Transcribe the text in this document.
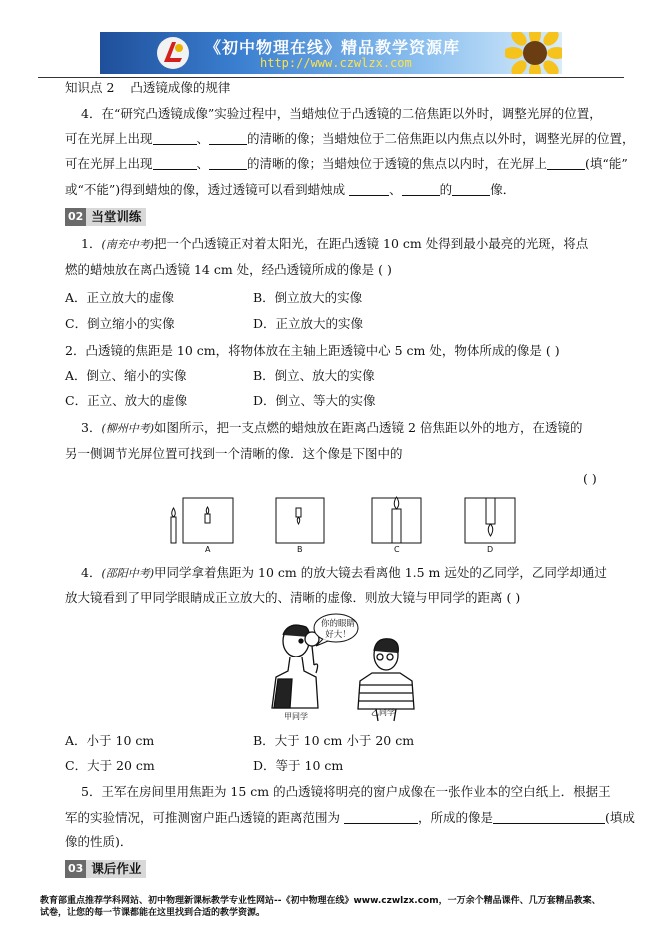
《初中物理在线》精品教学资源库
http://www.czwlzx.com
知识点 2 凸透镜成像的规律
4．在“研究凸透镜成像”实验过程中，当蜡烛位于凸透镜的二倍焦距以外时，调整光屏的位置，
可在光屏上出现	、	的清晰的像；当蜡烛位于二倍焦距以内焦点以外时，调整光屏的位置，
可在光屏上出现	、	的清晰的像；当蜡烛位于透镜的焦点以内时，在光屏上	(填“能”
或“不能”)得到蜡烛的像，透过透镜可以看到蜡烛成	、	的	像．
02 当堂训练
1．(南充中考)把一个凸透镜正对着太阳光，在距凸透镜 10 cm 处得到最小最亮的光斑，将点
燃的蜡烛放在离凸透镜 14 cm 处，经凸透镜所成的像是 ( )
A．正立放大的虚像	B．倒立放大的实像
C．倒立缩小的实像	D．正立放大的实像
2．凸透镜的焦距是 10 cm，将物体放在主轴上距透镜中心 5 cm 处，物体所成的像是 ( )
A．倒立、缩小的实像	B．倒立、放大的实像
C．正立、放大的虚像	D．倒立、等大的实像
3．(柳州中考)如图所示，把一支点燃的蜡烛放在距离凸透镜 2 倍焦距以外的地方，在透镜的
另一侧调节光屏位置可找到一个清晰的像．这个像是下图中的
( )
A	B	C	D
4．(邵阳中考)甲同学拿着焦距为 10 cm 的放大镜去看离他 1.5 m 远处的乙同学，乙同学却通过
放大镜看到了甲同学眼睛成正立放大的、清晰的虚像．则放大镜与甲同学的距离 ( )
你的眼睛
好大！
甲同学	乙同学
A．小于 10 cm	B．大于 10 cm 小于 20 cm
C．大于 20 cm	D．等于 10 cm
5．王军在房间里用焦距为 15 cm 的凸透镜将明亮的窗户成像在一张作业本的空白纸上．根据王
军的实验情况，可推测窗户距凸透镜的距离范围为	，所成的像是	(填成
像的性质)．
03 课后作业
教育部重点推荐学科网站、初中物理新课标教学专业性网站--《初中物理在线》www.czwlzx.com，一万余个精品课件、几万套精品教案、
试卷，让您的每一节课都能在这里找到合适的教学资源。
